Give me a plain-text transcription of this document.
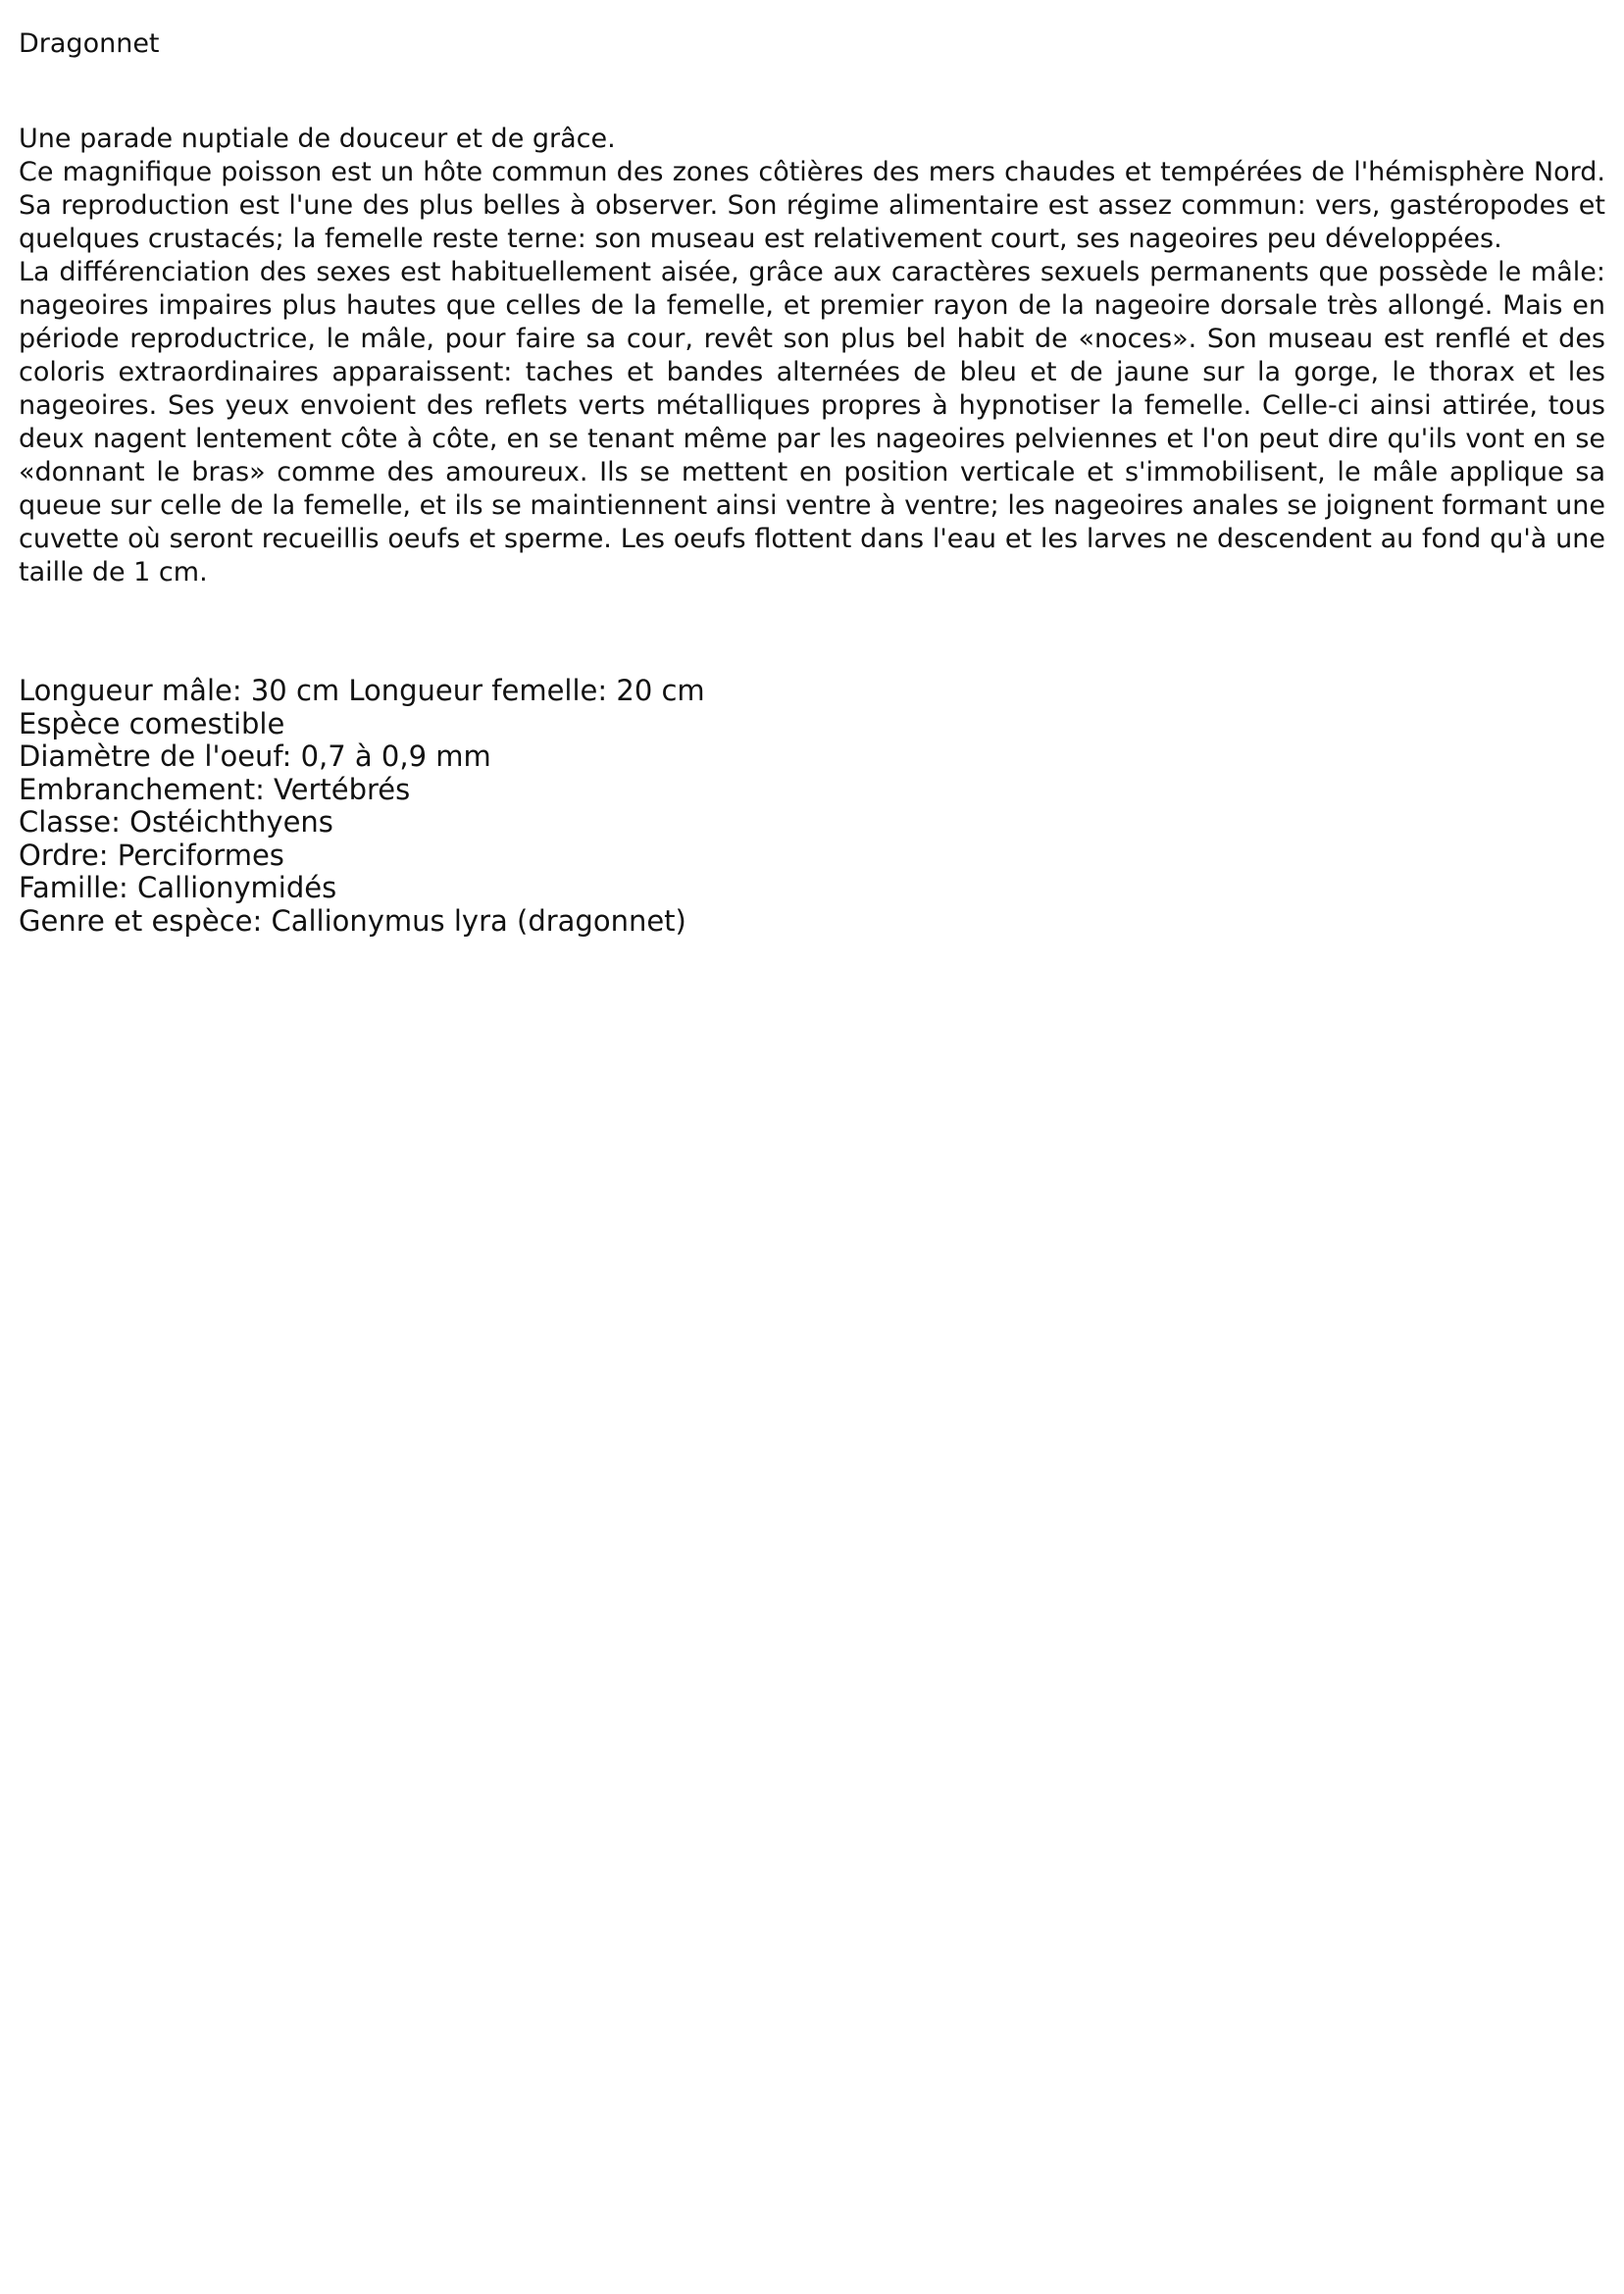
Dragonnet

Une parade nuptiale de douceur et de grâce.

Ce magnifique poisson est un hôte commun des zones côtières des mers chaudes et tempérées de l'hémisphère Nord. Sa reproduction est l'une des plus belles à observer. Son régime alimentaire est assez commun: vers, gastéropodes et quelques crustacés; la femelle reste terne: son museau est relativement court, ses nageoires peu développées.

La différenciation des sexes est habituellement aisée, grâce aux caractères sexuels permanents que possède le mâle: nageoires impaires plus hautes que celles de la femelle, et premier rayon de la nageoire dorsale très allongé. Mais en période reproductrice, le mâle, pour faire sa cour, revêt son plus bel habit de «noces». Son museau est renflé et des coloris extraordinaires apparaissent: taches et bandes alternées de bleu et de jaune sur la gorge, le thorax et les nageoires. Ses yeux envoient des reflets verts métalliques propres à hypnotiser la femelle. Celle-ci ainsi attirée, tous deux nagent lentement côte à côte, en se tenant même par les nageoires pelviennes et l'on peut dire qu'ils vont en se «donnant le bras» comme des amoureux. Ils se mettent en position verticale et s'immobilisent, le mâle applique sa queue sur celle de la femelle, et ils se maintiennent ainsi ventre à ventre; les nageoires anales se joignent formant une cuvette où seront recueillis oeufs et sperme. Les oeufs flottent dans l'eau et les larves ne descendent au fond qu'à une taille de 1 cm.

Longueur mâle: 30 cm Longueur femelle: 20 cm
Espèce comestible
Diamètre de l'oeuf: 0,7 à 0,9 mm
Embranchement: Vertébrés
Classe: Ostéichthyens
Ordre: Perciformes
Famille: Callionymidés
Genre et espèce: Callionymus lyra (dragonnet)
